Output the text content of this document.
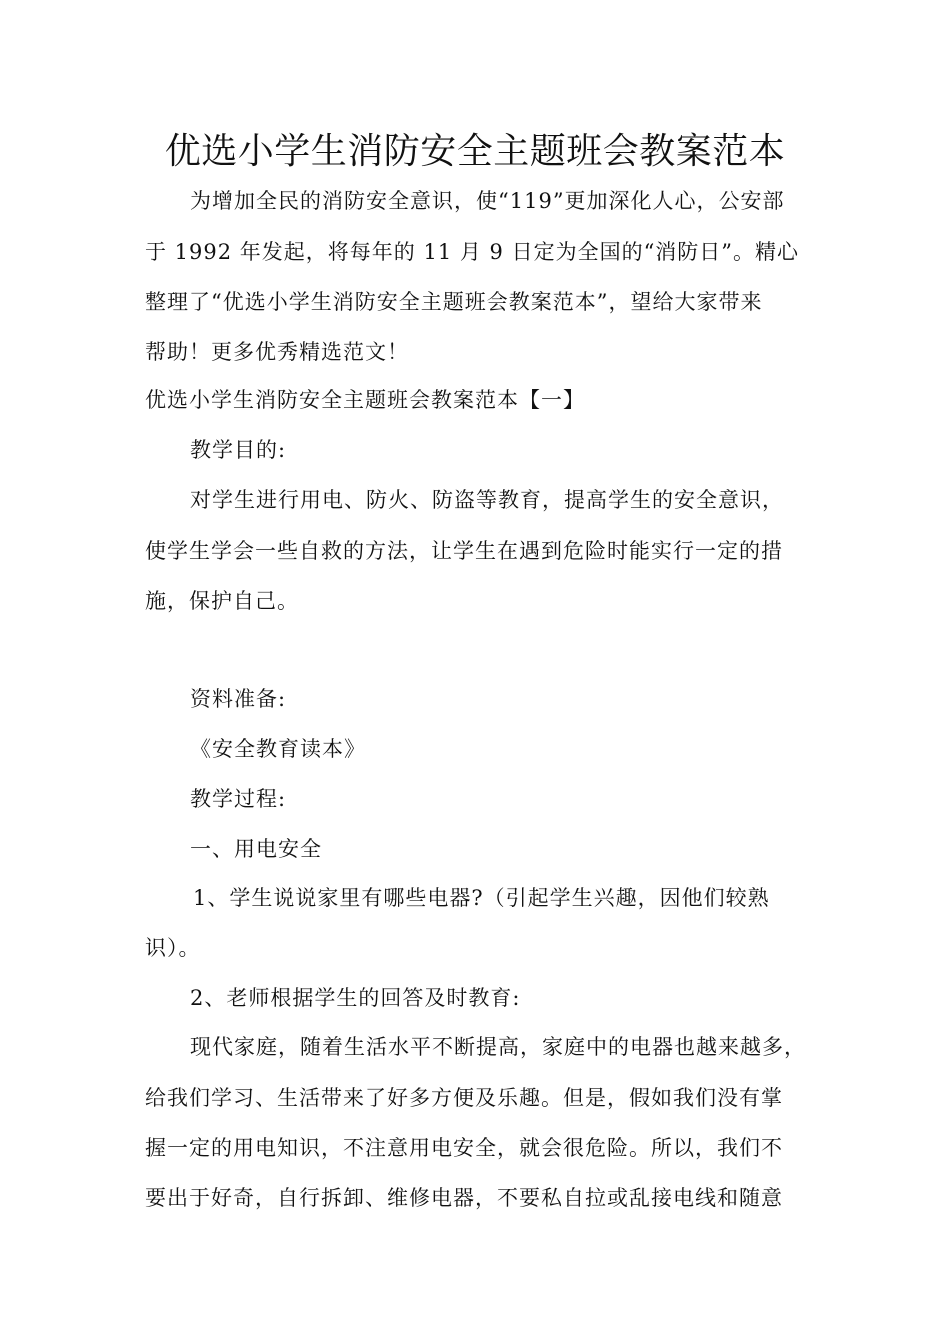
优选小学生消防安全主题班会教案范本
为增加全民的消防安全意识，使“119”更加深化人心，公安部
于 1992 年发起，将每年的 11 月 9 日定为全国的“消防日”。精心
整理了“优选小学生消防安全主题班会教案范本”，望给大家带来
帮助！更多优秀精选范文！
优选小学生消防安全主题班会教案范本【一】
教学目的:
对学生进行用电、防火、防盗等教育，提高学生的安全意识，
使学生学会一些自救的方法，让学生在遇到危险时能实行一定的措
施，保护自己。
资料准备:
《安全教育读本》
教学过程:
一、用电安全
1、学生说说家里有哪些电器?（引起学生兴趣，因他们较熟
识）。
2、老师根据学生的回答及时教育:
现代家庭，随着生活水平不断提高，家庭中的电器也越来越多，
给我们学习、生活带来了好多方便及乐趣。但是，假如我们没有掌
握一定的用电知识，不注意用电安全，就会很危险。所以，我们不
要出于好奇，自行拆卸、维修电器，不要私自拉或乱接电线和随意
